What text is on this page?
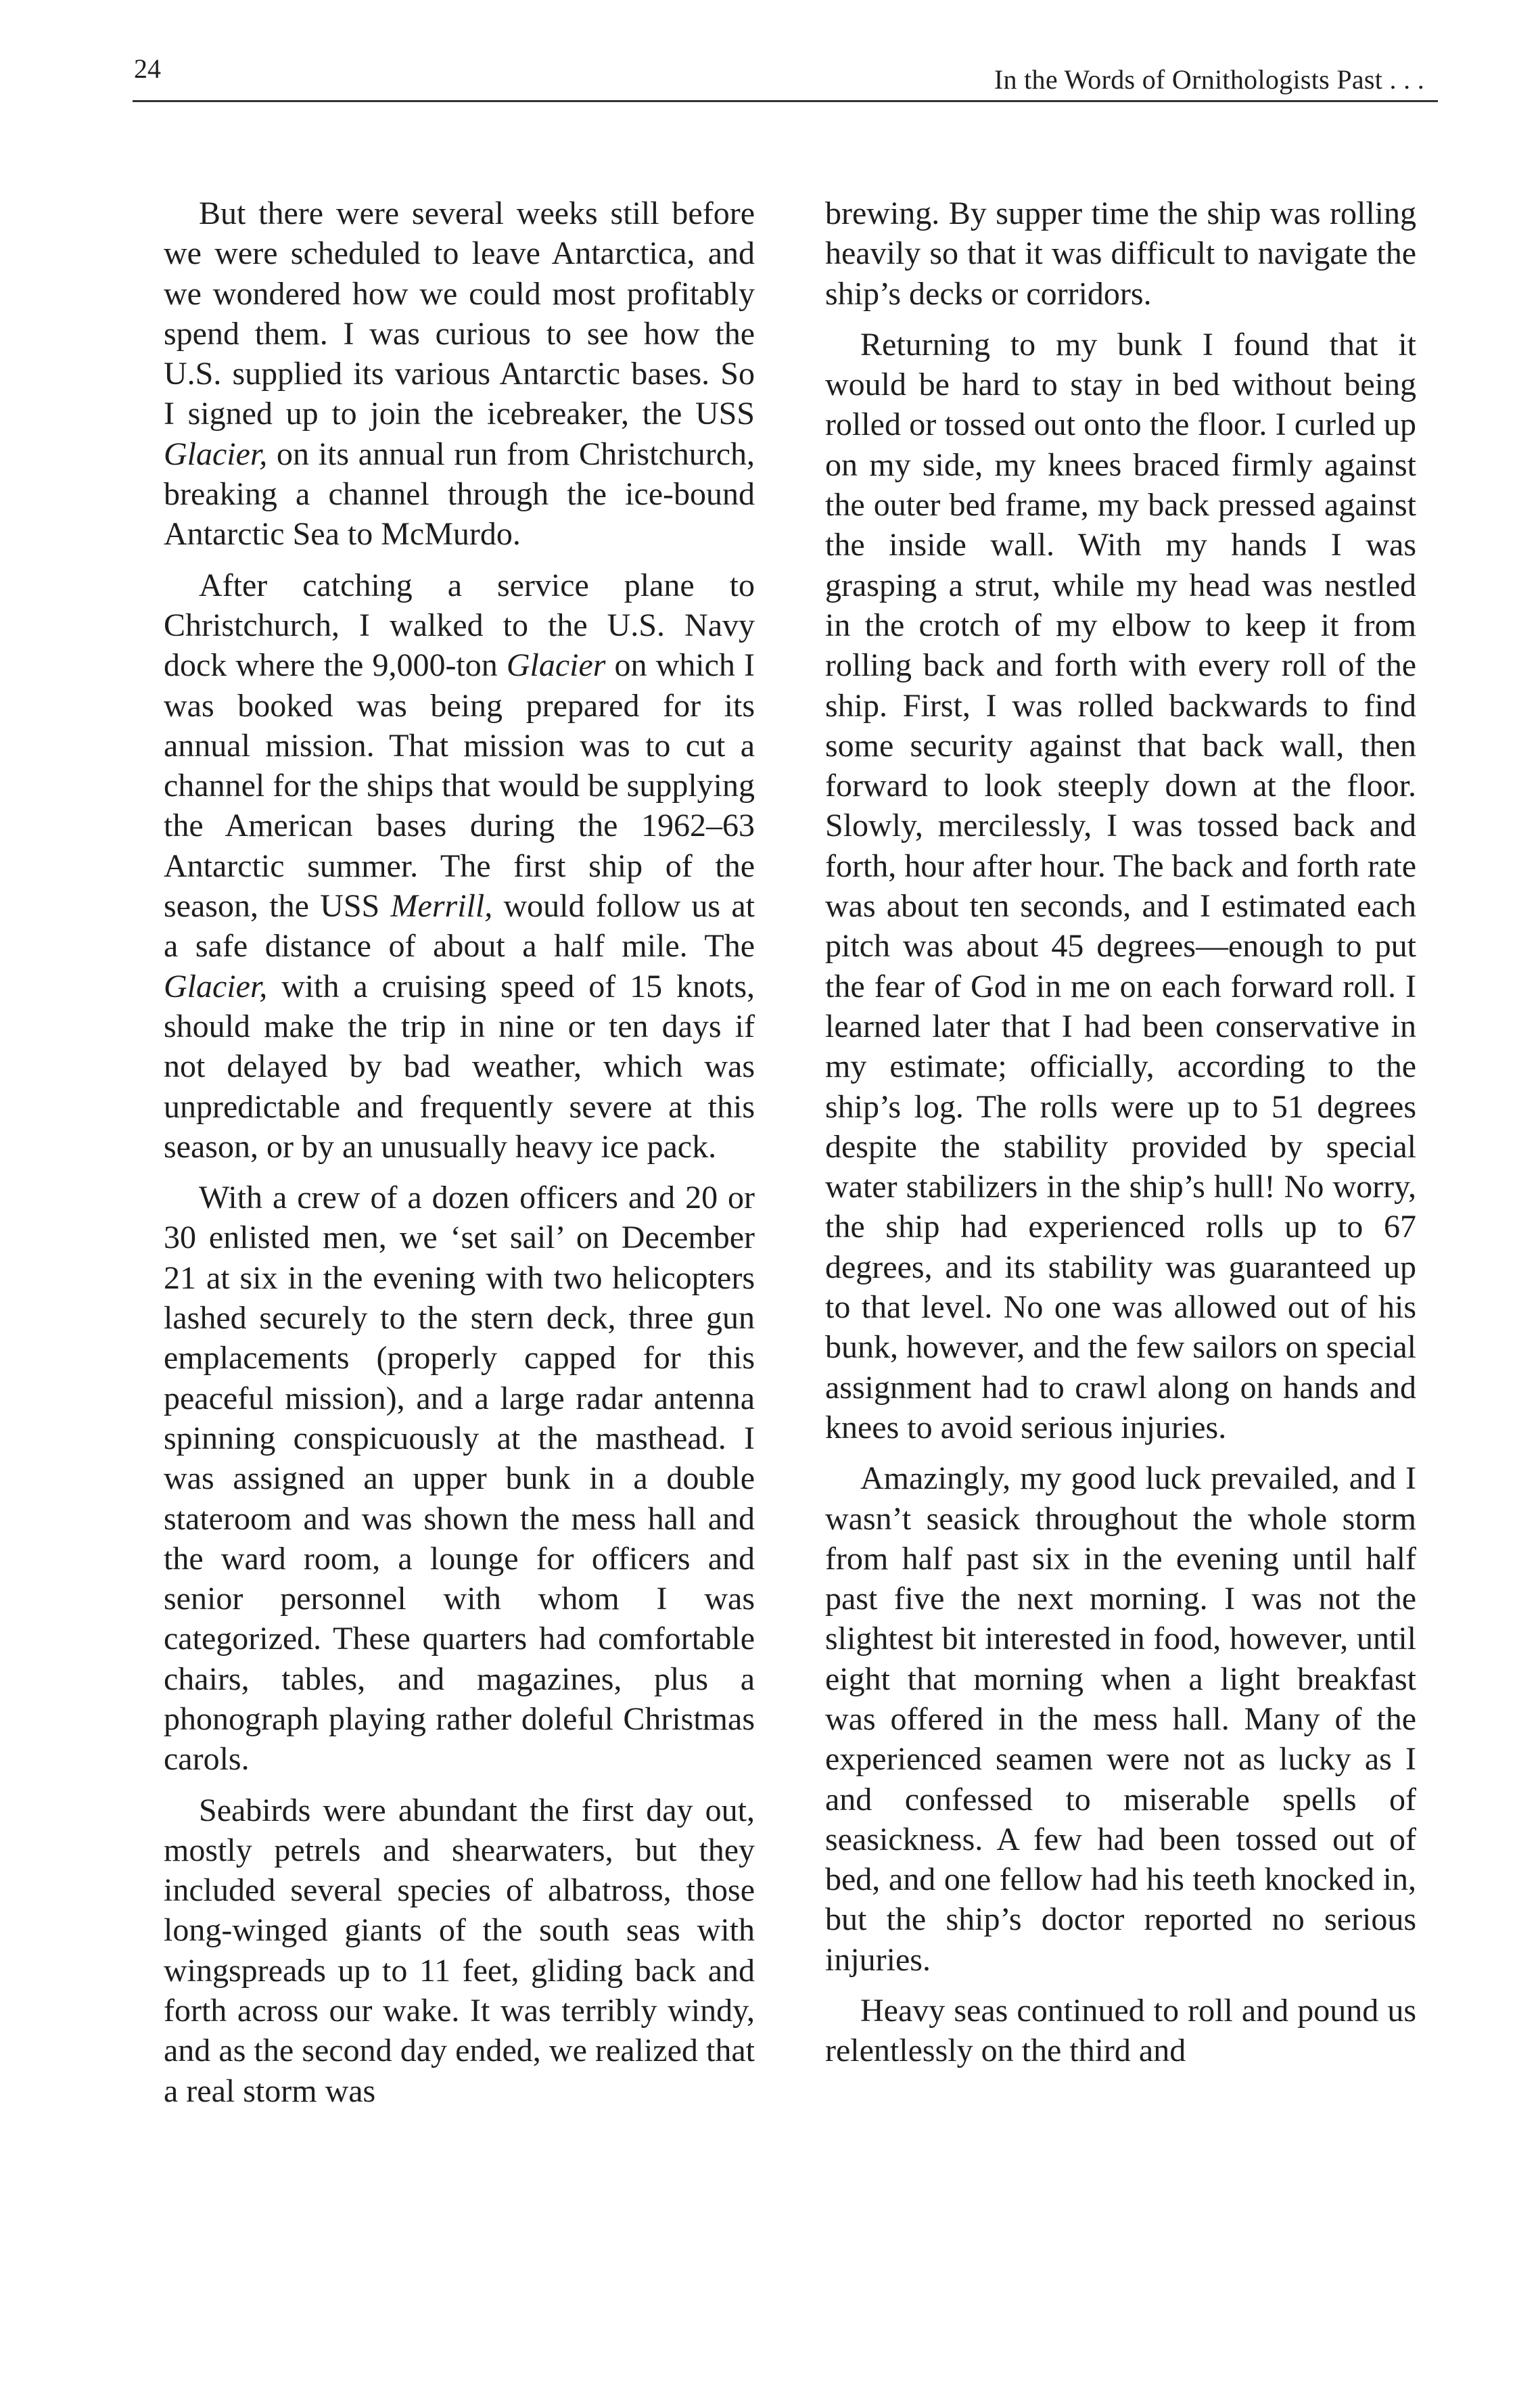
24	In the Words of Ornithologists Past . . .

But there were several weeks still before we were scheduled to leave Antarctica, and we wondered how we could most profitably spend them. I was curious to see how the U.S. supplied its various Antarctic bases. So I signed up to join the icebreaker, the USS Glacier, on its annual run from Christchurch, breaking a channel through the ice-bound Antarctic Sea to McMurdo.

After catching a service plane to Christchurch, I walked to the U.S. Navy dock where the 9,000-ton Glacier on which I was booked was being prepared for its annual mission. That mission was to cut a channel for the ships that would be supplying the American bases during the 1962–63 Antarctic summer. The first ship of the season, the USS Merrill, would follow us at a safe distance of about a half mile. The Glacier, with a cruising speed of 15 knots, should make the trip in nine or ten days if not delayed by bad weather, which was unpredictable and frequently severe at this season, or by an unusually heavy ice pack.

With a crew of a dozen officers and 20 or 30 enlisted men, we ‘set sail’ on December 21 at six in the evening with two helicopters lashed securely to the stern deck, three gun emplacements (properly capped for this peaceful mission), and a large radar antenna spinning conspicuously at the masthead. I was assigned an upper bunk in a double stateroom and was shown the mess hall and the ward room, a lounge for officers and senior personnel with whom I was categorized. These quarters had comfortable chairs, tables, and magazines, plus a phonograph playing rather doleful Christmas carols.

Seabirds were abundant the first day out, mostly petrels and shearwaters, but they included several species of albatross, those long-winged giants of the south seas with wingspreads up to 11 feet, gliding back and forth across our wake. It was terribly windy, and as the second day ended, we realized that a real storm was

brewing. By supper time the ship was rolling heavily so that it was difficult to navigate the ship’s decks or corridors.

Returning to my bunk I found that it would be hard to stay in bed without being rolled or tossed out onto the floor. I curled up on my side, my knees braced firmly against the outer bed frame, my back pressed against the inside wall. With my hands I was grasping a strut, while my head was nestled in the crotch of my elbow to keep it from rolling back and forth with every roll of the ship. First, I was rolled backwards to find some security against that back wall, then forward to look steeply down at the floor. Slowly, mercilessly, I was tossed back and forth, hour after hour. The back and forth rate was about ten seconds, and I estimated each pitch was about 45 degrees—enough to put the fear of God in me on each forward roll. I learned later that I had been conservative in my estimate; officially, according to the ship’s log. The rolls were up to 51 degrees despite the stability provided by special water stabilizers in the ship’s hull! No worry, the ship had experienced rolls up to 67 degrees, and its stability was guaranteed up to that level. No one was allowed out of his bunk, however, and the few sailors on special assignment had to crawl along on hands and knees to avoid serious injuries.

Amazingly, my good luck prevailed, and I wasn’t seasick throughout the whole storm from half past six in the evening until half past five the next morning. I was not the slightest bit interested in food, however, until eight that morning when a light breakfast was offered in the mess hall. Many of the experienced seamen were not as lucky as I and confessed to miserable spells of seasickness. A few had been tossed out of bed, and one fellow had his teeth knocked in, but the ship’s doctor reported no serious injuries.

Heavy seas continued to roll and pound us relentlessly on the third and
